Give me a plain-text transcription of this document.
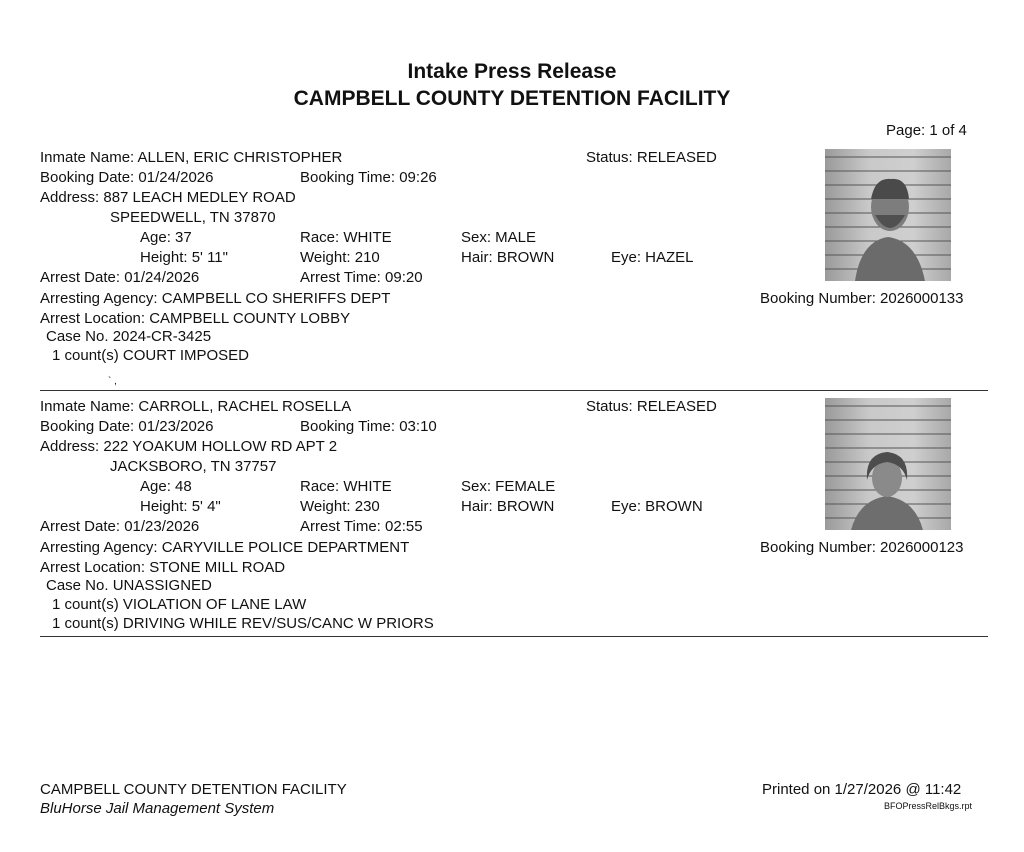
Intake Press Release
CAMPBELL COUNTY DETENTION FACILITY
Page: 1 of 4
Inmate Name: ALLEN, ERIC CHRISTOPHER	Status: RELEASED
Booking Date: 01/24/2026	Booking Time: 09:26
Address: 887 LEACH MEDLEY ROAD
SPEEDWELL, TN 37870
Age: 37	Race: WHITE	Sex: MALE
Height: 5' 11"	Weight: 210	Hair: BROWN	Eye: HAZEL
Arrest Date: 01/24/2026	Arrest Time: 09:20
Arresting Agency: CAMPBELL CO SHERIFFS DEPT	Booking Number: 2026000133
Arrest Location: CAMPBELL COUNTY LOBBY
Case No. 2024-CR-3425
1 count(s) COURT IMPOSED
` ,
Inmate Name: CARROLL, RACHEL ROSELLA	Status: RELEASED
Booking Date: 01/23/2026	Booking Time: 03:10
Address: 222 YOAKUM HOLLOW RD APT 2
JACKSBORO, TN 37757
Age: 48	Race: WHITE	Sex: FEMALE
Height: 5' 4"	Weight: 230	Hair: BROWN	Eye: BROWN
Arrest Date: 01/23/2026	Arrest Time: 02:55
Arresting Agency: CARYVILLE POLICE DEPARTMENT	Booking Number: 2026000123
Arrest Location: STONE MILL ROAD
Case No. UNASSIGNED
1 count(s) VIOLATION OF LANE LAW
1 count(s) DRIVING WHILE REV/SUS/CANC W PRIORS
CAMPBELL COUNTY DETENTION FACILITY
BluHorse Jail Management System
Printed on 1/27/2026 @ 11:42
BFOPressRelBkgs.rpt
